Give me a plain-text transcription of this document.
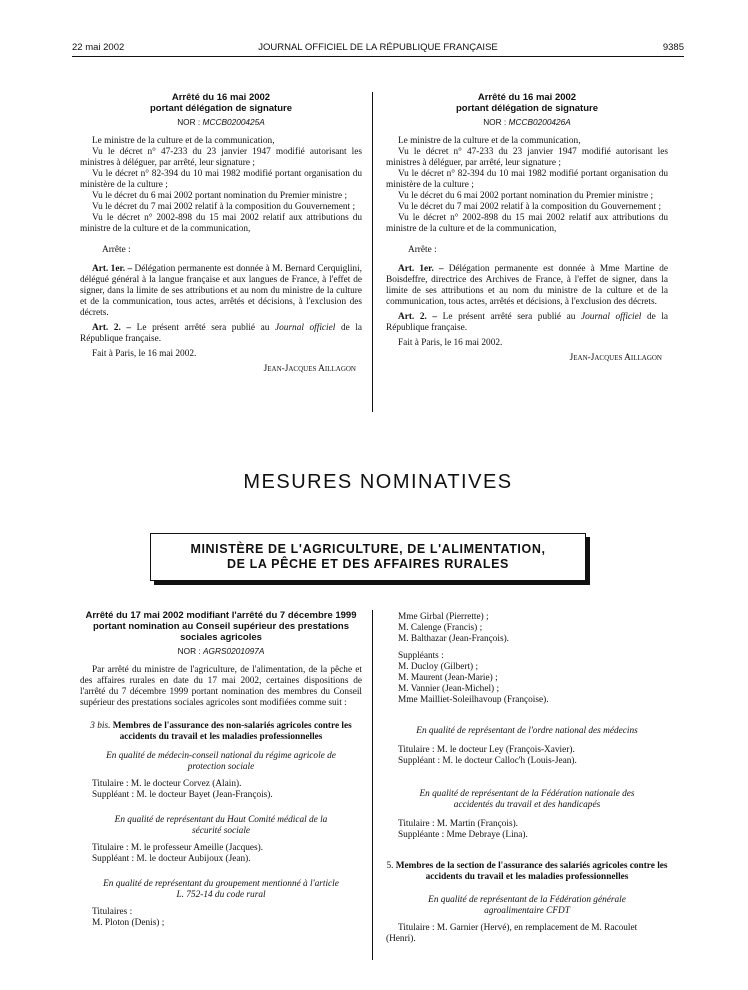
22 mai 2002	JOURNAL OFFICIEL DE LA RÉPUBLIQUE FRANÇAISE	9385
Arrêté du 16 mai 2002
portant délégation de signature
NOR : MCCB0200425A

Le ministre de la culture et de la communication,

Vu le décret n° 47-233 du 23 janvier 1947 modifié autorisant les ministres à déléguer, par arrêté, leur signature ;

Vu le décret n° 82-394 du 10 mai 1982 modifié portant organisation du ministère de la culture ;

Vu le décret du 6 mai 2002 portant nomination du Premier ministre ;

Vu le décret du 7 mai 2002 relatif à la composition du Gouvernement ;

Vu le décret n° 2002-898 du 15 mai 2002 relatif aux attributions du ministre de la culture et de la communication,

Arrête :

Art. 1er. – Délégation permanente est donnée à M. Bernard Cerquiglini, délégué général à la langue française et aux langues de France, à l'effet de signer, dans la limite de ses attributions et au nom du ministre de la culture et de la communication, tous actes, arrêtés et décisions, à l'exclusion des décrets.

Art. 2. – Le présent arrêté sera publié au Journal officiel de la République française.

Fait à Paris, le 16 mai 2002.

Jean-Jacques Aillagon

Arrêté du 16 mai 2002
portant délégation de signature
NOR : MCCB0200426A

Le ministre de la culture et de la communication,

Vu le décret n° 47-233 du 23 janvier 1947 modifié autorisant les ministres à déléguer, par arrêté, leur signature ;

Vu le décret n° 82-394 du 10 mai 1982 modifié portant organisation du ministère de la culture ;

Vu le décret du 6 mai 2002 portant nomination du Premier ministre ;

Vu le décret du 7 mai 2002 relatif à la composition du Gouvernement ;

Vu le décret n° 2002-898 du 15 mai 2002 relatif aux attributions du ministre de la culture et de la communication,

Arrête :

Art. 1er. – Délégation permanente est donnée à Mme Martine de Boisdeffre, directrice des Archives de France, à l'effet de signer, dans la limite de ses attributions et au nom du ministre de la culture et de la communication, tous actes, arrêtés et décisions, à l'exclusion des décrets.

Art. 2. – Le présent arrêté sera publié au Journal officiel de la République française.

Fait à Paris, le 16 mai 2002.

Jean-Jacques Aillagon

MESURES NOMINATIVES
MINISTÈRE DE L'AGRICULTURE, DE L'ALIMENTATION,
DE LA PÊCHE ET DES AFFAIRES RURALES
Arrêté du 17 mai 2002 modifiant l'arrêté du 7 décembre 1999 portant nomination au Conseil supérieur des prestations sociales agricoles
NOR : AGRS0201097A

Par arrêté du ministre de l'agriculture, de l'alimentation, de la pêche et des affaires rurales en date du 17 mai 2002, certaines dispositions de l'arrêté du 7 décembre 1999 portant nomination des membres du Conseil supérieur des prestations sociales agricoles sont modifiées comme suit :

3 bis. Membres de l'assurance des non-salariés agricoles contre les accidents du travail et les maladies professionnelles
En qualité de médecin-conseil national du régime agricole de protection sociale

Titulaire : M. le docteur Corvez (Alain).

Suppléant : M. le docteur Bayet (Jean-François).

En qualité de représentant du Haut Comité médical de la sécurité sociale

Titulaire : M. le professeur Ameille (Jacques).

Suppléant : M. le docteur Aubijoux (Jean).

En qualité de représentant du groupement mentionné à l'article L. 752-14 du code rural

Titulaires :

M. Ploton (Denis) ;

Mme Girbal (Pierrette) ;

M. Calenge (Francis) ;

M. Balthazar (Jean-François).

Suppléants :

M. Ducloy (Gilbert) ;

M. Maurent (Jean-Marie) ;

M. Vannier (Jean-Michel) ;

Mme Mailliet-Soleilhavoup (Françoise).

En qualité de représentant de l'ordre national des médecins

Titulaire : M. le docteur Ley (François-Xavier).

Suppléant : M. le docteur Calloc'h (Louis-Jean).

En qualité de représentant de la Fédération nationale des accidentés du travail et des handicapés

Titulaire : M. Martin (François).

Suppléante : Mme Debraye (Lina).

5. Membres de la section de l'assurance des salariés agricoles contre les accidents du travail et les maladies professionnelles
En qualité de représentant de la Fédération générale agroalimentaire CFDT

Titulaire : M. Garnier (Hervé), en remplacement de M. Racoulet (Henri).
